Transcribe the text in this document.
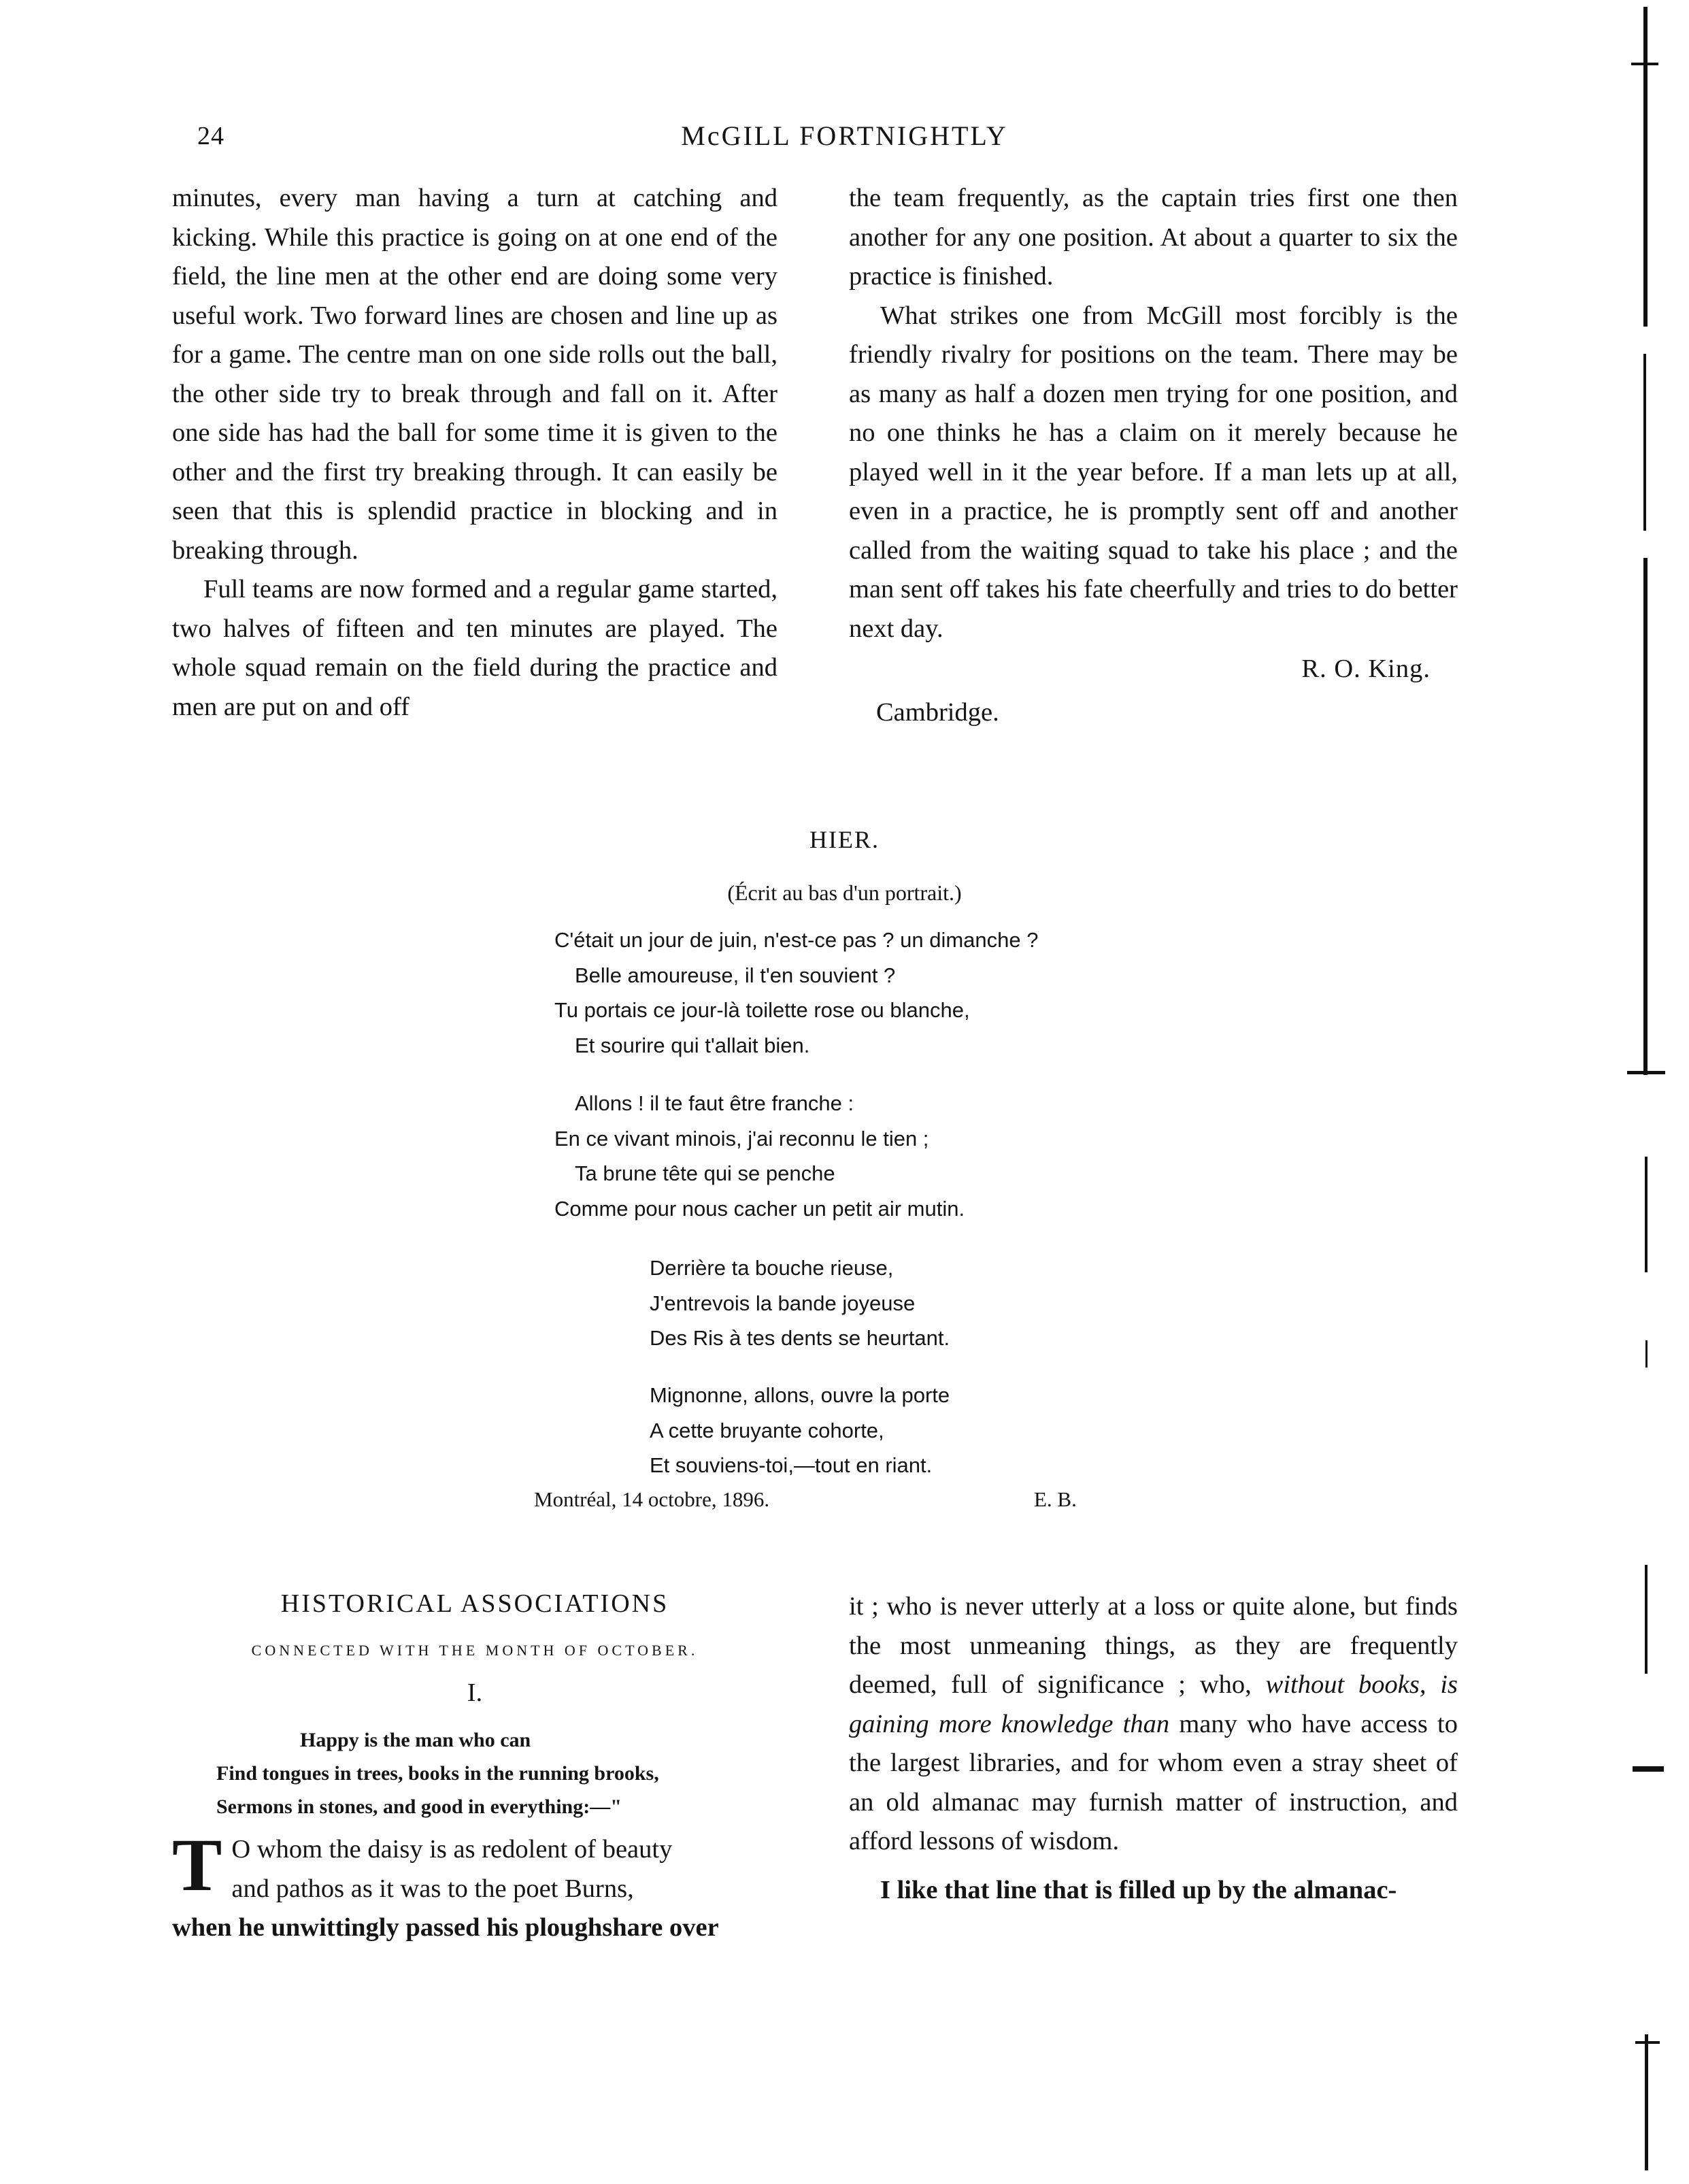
24	McGILL FORTNIGHTLY

minutes, every man having a turn at catching and kicking. While this practice is going on at one end of the field, the line men at the other end are doing some very useful work. Two forward lines are chosen and line up as for a game. The centre man on one side rolls out the ball, the other side try to break through and fall on it. After one side has had the ball for some time it is given to the other and the first try breaking through. It can easily be seen that this is splendid practice in blocking and in breaking through.

Full teams are now formed and a regular game started, two halves of fifteen and ten minutes are played. The whole squad remain on the field during the practice and men are put on and off

the team frequently, as the captain tries first one then another for any one position. At about a quarter to six the practice is finished.

What strikes one from McGill most forcibly is the friendly rivalry for positions on the team. There may be as many as half a dozen men trying for one position, and no one thinks he has a claim on it merely because he played well in it the year before. If a man lets up at all, even in a practice, he is promptly sent off and another called from the waiting squad to take his place ; and the man sent off takes his fate cheerfully and tries to do better next day.

R. O. King.

Cambridge.

HIER.
(Écrit au bas d'un portrait.)
C'était un jour de juin, n'est-ce pas ? un dimanche ?
Belle amoureuse, il t'en souvient ?
Tu portais ce jour-là toilette rose ou blanche,
Et sourire qui t'allait bien.
Allons ! il te faut être franche :
En ce vivant minois, j'ai reconnu le tien ;
Ta brune tête qui se penche
Comme pour nous cacher un petit air mutin.
Derrière ta bouche rieuse,
J'entrevois la bande joyeuse
Des Ris à tes dents se heurtant.
Mignonne, allons, ouvre la porte
A cette bruyante cohorte,
Et souviens-toi,—tout en riant.
Montréal, 14 octobre, 1896.	E. B.
HISTORICAL ASSOCIATIONS
CONNECTED WITH THE MONTH OF OCTOBER.
I.
Happy is the man who can
Find tongues in trees, books in the running brooks,
Sermons in stones, and good in everything:—"
T O whom the daisy is as redolent of beauty
and pathos as it was to the poet Burns,
when he unwittingly passed his ploughshare over

it ; who is never utterly at a loss or quite alone, but finds the most unmeaning things, as they are frequently deemed, full of significance ; who, without books, is gaining more knowledge than many who have access to the largest libraries, and for whom even a stray sheet of an old almanac may furnish matter of instruction, and afford lessons of wisdom.

I like that line that is filled up by the almanac-
